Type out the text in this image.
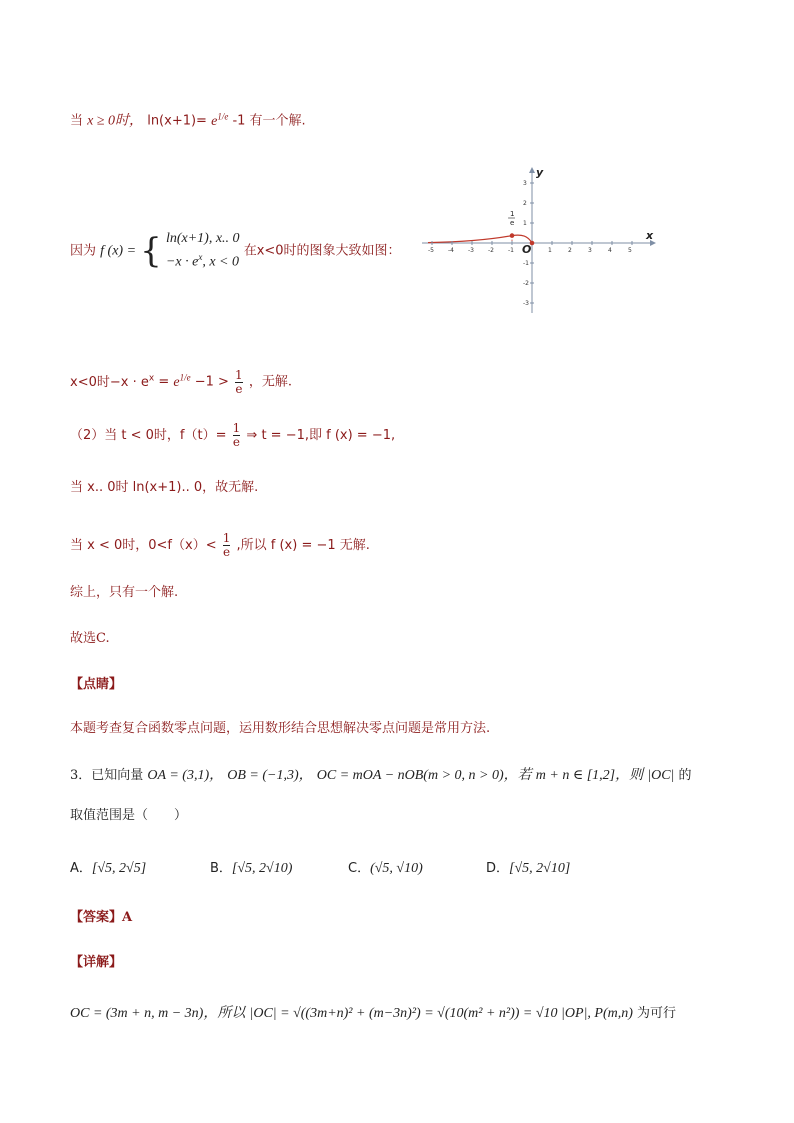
当 x ≥ 0时， $\ln(x+1)= e^{1/e}$ -1 有一个解.
因为 f (x) = { ln(x+1), x.. 0
$-x \cdot e^x$, x < 0
在x<0时的图象大致如图：	-5 -4 -3 -2 -1	1	2	3	4	5
3
2
1
-1
-2
-3
x
y
O
1
e
x<0时$-x \cdot e^x = e^{1/e} -1 > \frac{1}{e}$ ，无解.
（2）当 t < 0时，$f(t)= \frac{1}{e}$ ⇒ t = −1,即 f (x) = −1,
当 x.. 0时 ln(x+1).. 0，故无解.
当 x < 0时，$0<f(x)< \frac{1}{e}$ ,所以 f (x) = −1 无解.
综上，只有一个解.
故选C.
【点睛】
本题考查复合函数零点问题，运用数形结合思想解决零点问题是常用方法.
3．已知向量 OA = (3,1)， OB = (−1,3)， OC = mOA − nOB(m > 0, n > 0)，若 m + n ∈ [1,2]，则 |OC| 的
取值范围是（　　）
A．[√5, 2√5]	B．[√5, 2√10)	C．(√5, √10)	D．[√5, 2√10]
【答案】A
【详解】
OC = (3m + n, m − 3n)，所以 |OC| = √((3m+n)² + (m−3n)²) = √(10(m² + n²)) = √10 |OP|, P(m,n) 为可行
